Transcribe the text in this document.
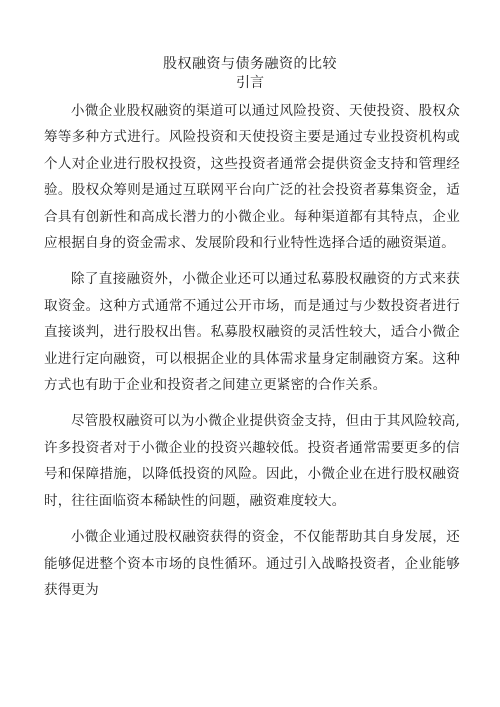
股权融资与债务融资的比较
引言

小微企业股权融资的渠道可以通过风险投资、天使投资、股权众筹等多种方式进行。风险投资和天使投资主要是通过专业投资机构或个人对企业进行股权投资，这些投资者通常会提供资金支持和管理经验。股权众筹则是通过互联网平台向广泛的社会投资者募集资金，适合具有创新性和高成长潜力的小微企业。每种渠道都有其特点，企业应根据自身的资金需求、发展阶段和行业特性选择合适的融资渠道。

除了直接融资外，小微企业还可以通过私募股权融资的方式来获取资金。这种方式通常不通过公开市场，而是通过与少数投资者进行直接谈判，进行股权出售。私募股权融资的灵活性较大，适合小微企业进行定向融资，可以根据企业的具体需求量身定制融资方案。这种方式也有助于企业和投资者之间建立更紧密的合作关系。

尽管股权融资可以为小微企业提供资金支持，但由于其风险较高,许多投资者对于小微企业的投资兴趣较低。投资者通常需要更多的信号和保障措施，以降低投资的风险。因此，小微企业在进行股权融资时，往往面临资本稀缺性的问题，融资难度较大。

小微企业通过股权融资获得的资金，不仅能帮助其自身发展，还能够促进整个资本市场的良性循环。通过引入战略投资者，企业能够获得更为
